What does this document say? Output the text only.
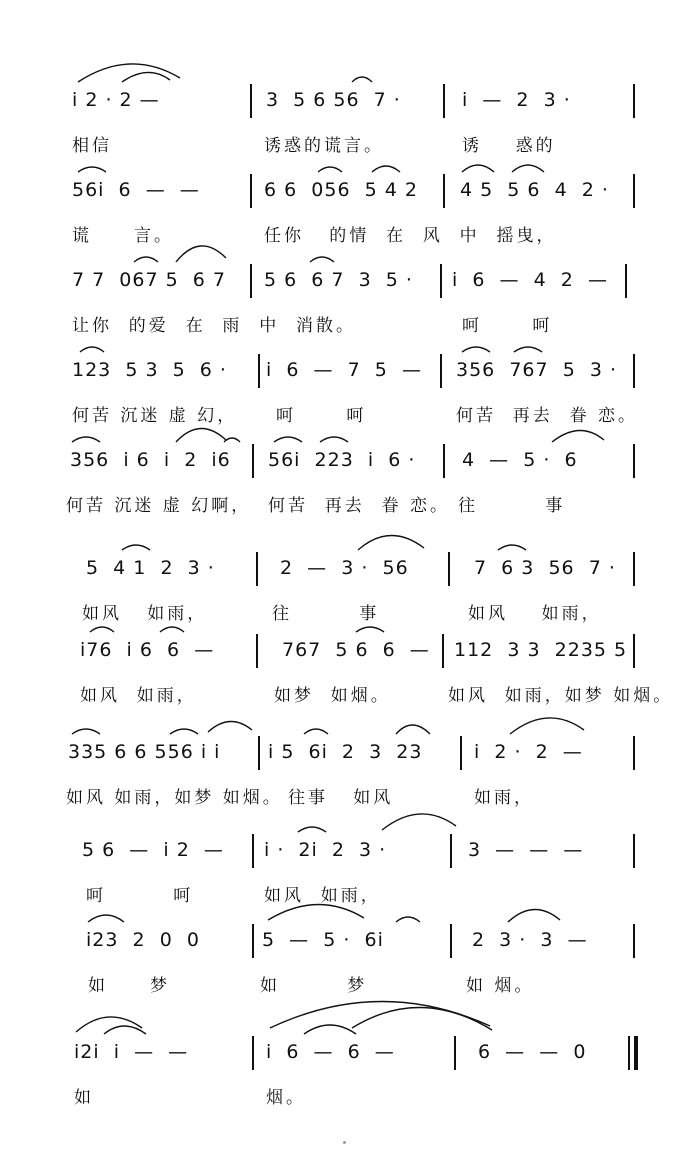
i 2 · 2 —	3  5 6 56  7 ·	i  —  2  3 ·
相信	诱惑的谎言。	诱    惑的
56i  6  —  —	6 6  056  5 4 2 4 5  5 6  4  2 ·
谎     言。	任你   的情  在  风  中  摇曳，
7 7  067 5  6 7 5 6  6 7  3  5 · i  6  —  4  2  —
让你  的爱  在  雨  中  消散。	呵      呵
123  5 3  5  6 · i  6  —  7  5  — 356  767  5  3 ·
何苦 沉迷 虚 幻， 呵      呵	何苦  再去  眷 恋。
356  i 6  i  2  i6 56i  223  i  6 · 4  —  5 ·  6
何苦 沉迷 虚 幻啊， 何苦  再去  眷 恋。 往        事
5  4 1  2  3 ·	2  —  3 ·  56	7  6 3  56  7 ·
如风   如雨，	往        事	如风    如雨，
i76  i 6  6  —	767  5 6  6  — 112  3 3  2235 5
如风  如雨，	如梦  如烟。	如风  如雨，如梦 如烟。
335 6 6 556 i i	i 5  6i  2  3  23	i  2 ·  2  —
如风 如雨，如梦 如烟。 往事   如风	如雨，
5 6  —  i 2  — i ·  2i  2  3 ·	3  —  —  —
呵        呵	如风  如雨，
i23  2  0  0	5  —  5 ·  6i	2  3 ·  3  —
如     梦	如        梦	如 烟。
i2i  i  —  —	i  6  —  6  —	6  —  —  0
如	烟。
